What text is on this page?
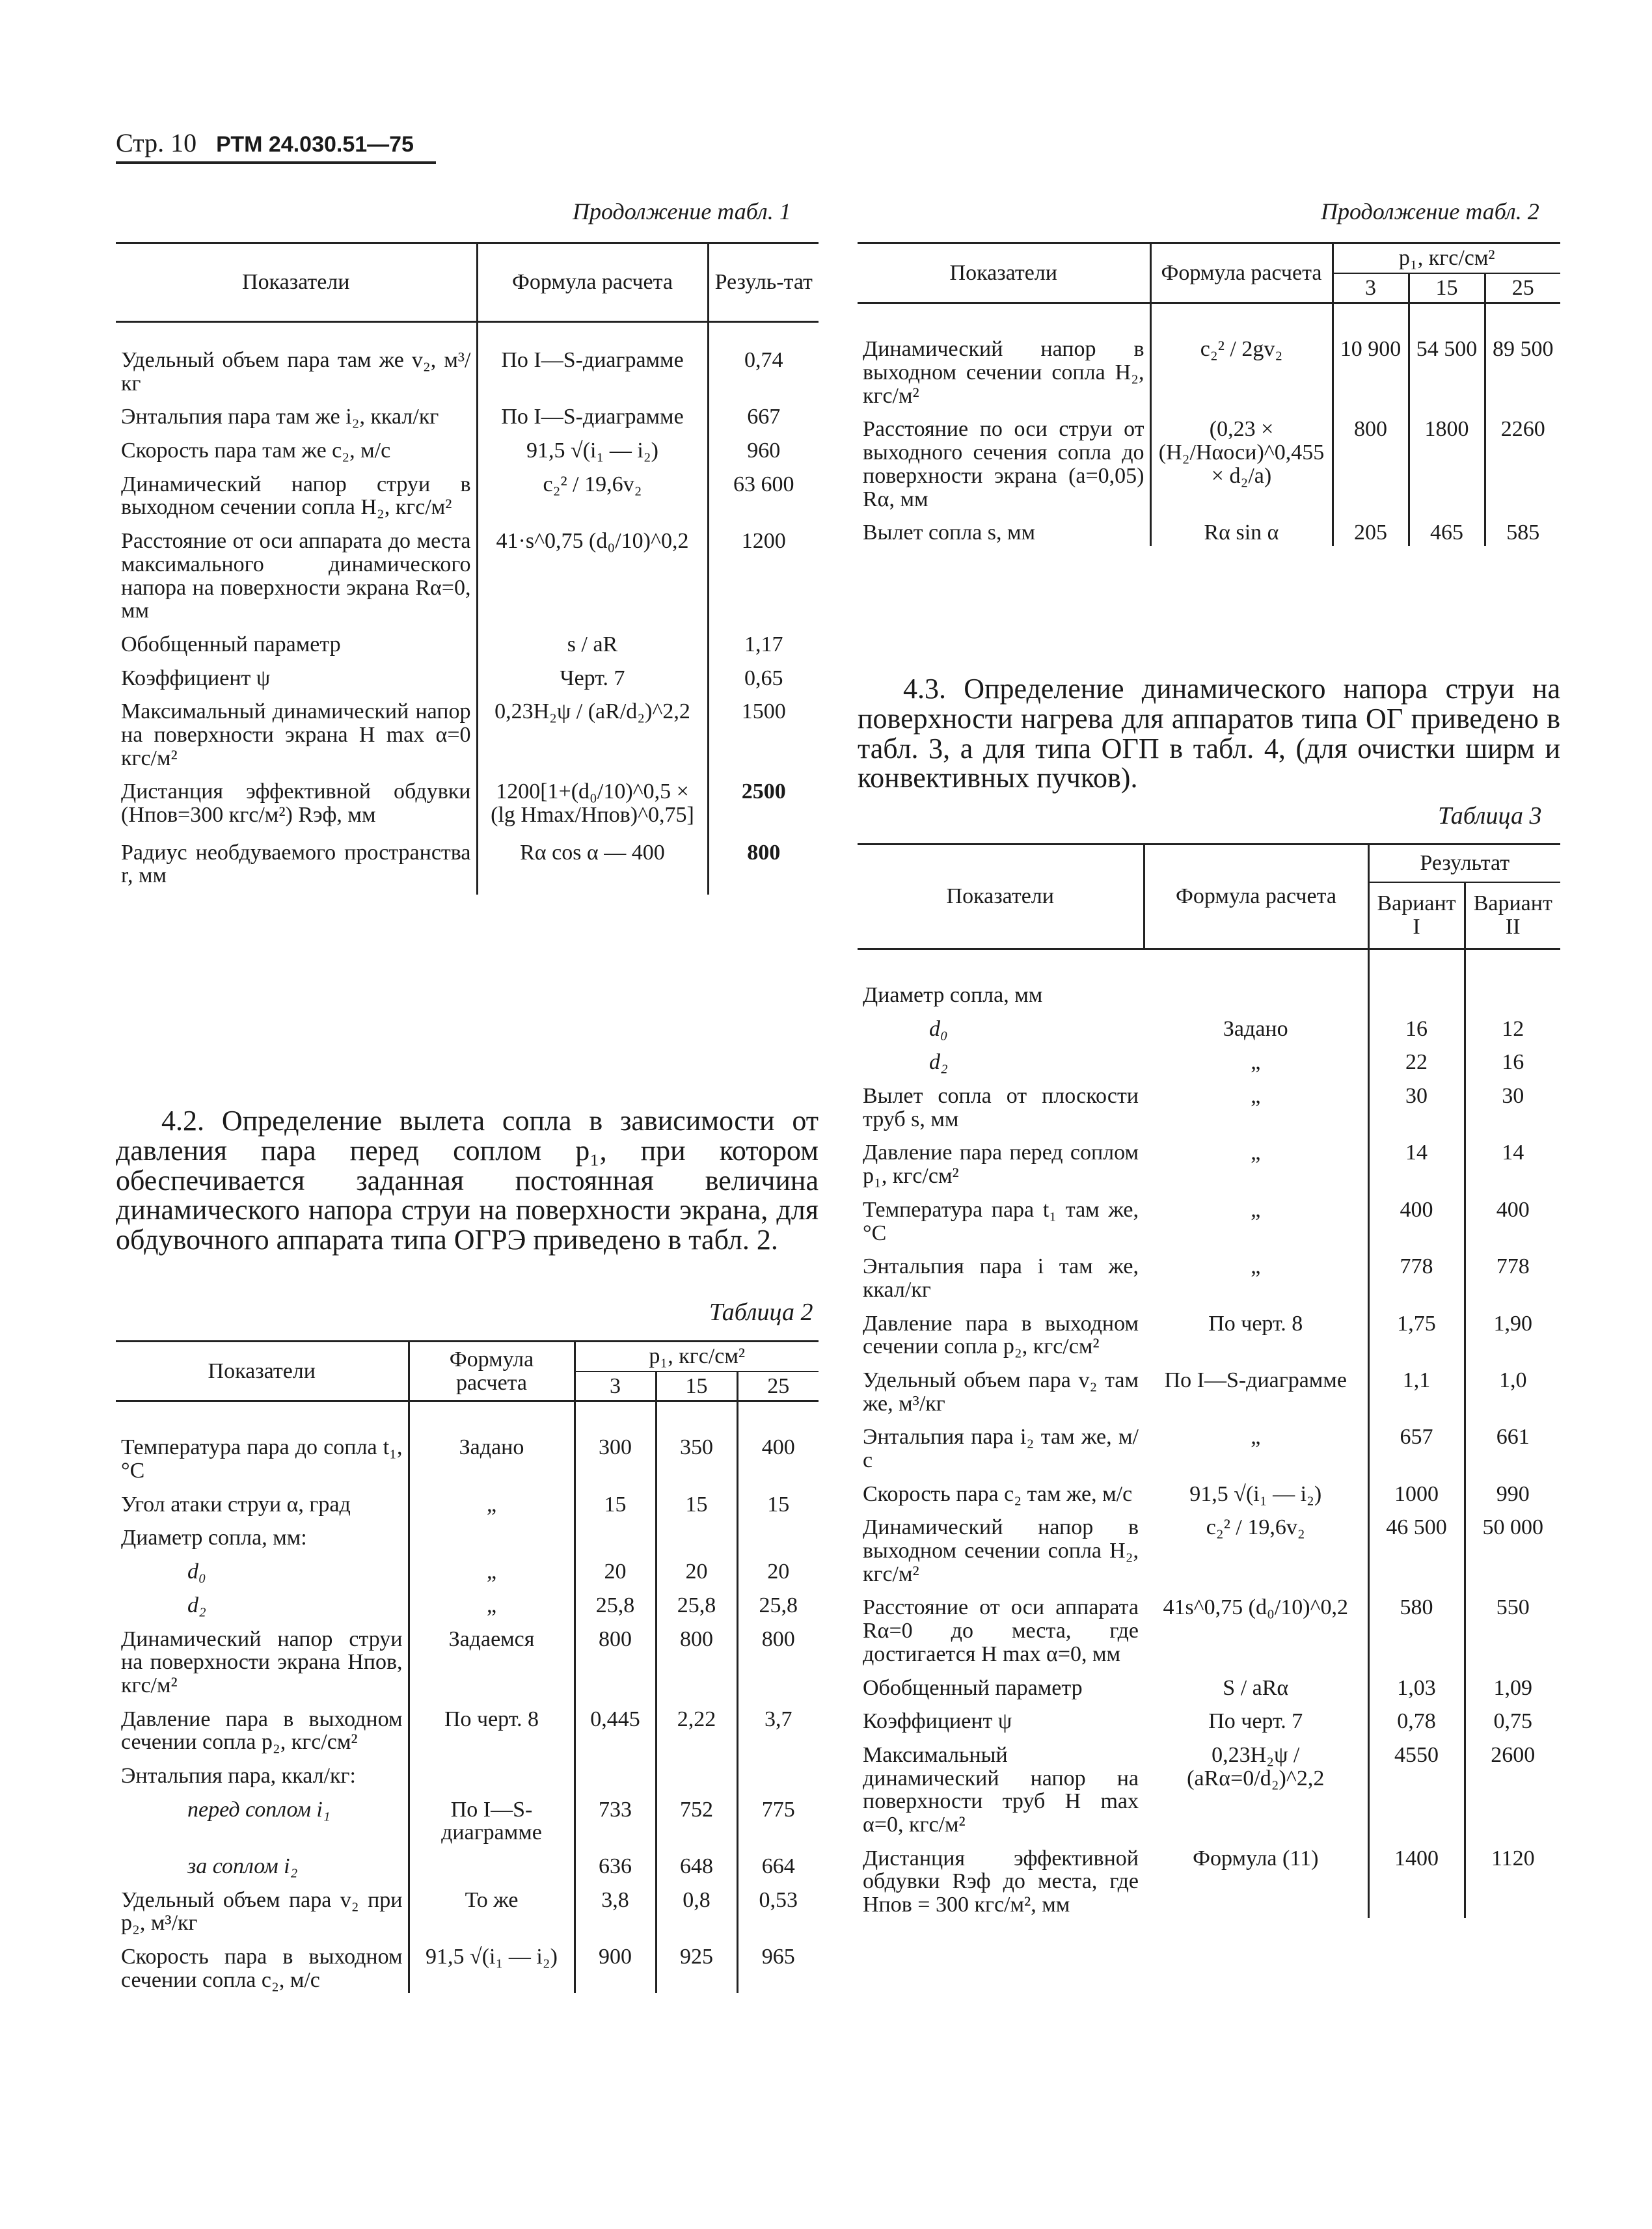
Стр. 10 РТМ 24.030.51—75
Продолжение табл. 1
Показатели	Формула расчета	Резуль-тат

Удельный объем пара там же v₂, м³/кг	По I—S-диаграмме	0,74
Энтальпия пара там же i₂, ккал/кг	По I—S-диаграмме	667
Скорость пара там же c₂, м/с	91,5 √(i₁ — i₂)	960
Динамический напор струи в выходном сечении сопла H₂, кгс/м²	c₂² / 19,6v₂	63 600
Расстояние от оси аппарата до места максимального динамического напора на поверхности экрана Rα=0, мм	41·s^0,75 (d₀/10)^0,2	1200
Обобщенный параметр	s / aR	1,17
Коэффициент ψ	Черт. 7	0,65
Максимальный динамический напор на поверхности экрана H max α=0 кгс/м²	0,23H₂ψ / (aR/d₂)^2,2	1500
Дистанция эффективной обдувки (Hпов=300 кгс/м²) Rэф, мм	1200[1+(d₀/10)^0,5 × (lg Hmax/Hпов)^0,75]	2500
Радиус необдуваемого пространства r, мм	Rα cos α — 400	800
4.2. Определение вылета сопла в зависимости от давления пара перед соплом p₁, при котором обеспечивается заданная постоянная величина динамического напора струи на поверхности экрана, для обдувочного аппарата типа ОГРЭ приведено в табл. 2.
Таблица 2
Показатели	Формула расчета	p₁, кгс/см²		
		3	15	25

Температура пара до сопла t₁, °С	Задано	300	350	400
Угол атаки струи α, град	„	15	15	15
Диаметр сопла, мм:				
d₀	„	20	20	20
d₂	„	25,8	25,8	25,8
Динамический напор струи на поверхности экрана Hпов, кгс/м²	Задаемся	800	800	800
Давление пара в выходном сечении сопла p₂, кгс/см²	По черт. 8	0,445	2,22	3,7
Энтальпия пара, ккал/кг:				
перед соплом i₁	По I—S-диаграмме	733	752	775
за соплом i₂		636	648	664
Удельный объем пара v₂ при p₂, м³/кг	То же	3,8	0,8	0,53
Скорость пара в выходном сечении сопла c₂, м/с	91,5 √(i₁ — i₂)	900	925	965
Продолжение табл. 2
Показатели	Формула расчета	p₁, кгс/см²		
		3	15	25

Динамический напор в выходном сечении сопла H₂, кгс/м²	c₂² / 2gv₂	10 900	54 500	89 500
Расстояние по оси струи от выходного сечения сопла до поверхности экрана (a=0,05) Rα, мм	(0,23 × (H₂/Hαоси)^0,455 × d₂/a)	800	1800	2260
Вылет сопла s, мм	Rα sin α	205	465	585
4.3. Определение динамического напора струи на поверхности нагрева для аппаратов типа ОГ приведено в табл. 3, а для типа ОГП в табл. 4, (для очистки ширм и конвективных пучков).
Таблица 3
Показатели	Формула расчета	Результат	
		Вариант I	Вариант II

Диаметр сопла, мм			
d₀	Задано	16	12
d₂	„	22	16
Вылет сопла от плоскости труб s, мм	„	30	30
Давление пара перед соплом p₁, кгс/см²	„	14	14
Температура пара t₁ там же, °С	„	400	400
Энтальпия пара i там же, ккал/кг	„	778	778
Давление пара в выходном сечении сопла p₂, кгс/см²	По черт. 8	1,75	1,90
Удельный объем пара v₂ там же, м³/кг	По I—S-диаграмме	1,1	1,0
Энтальпия пара i₂ там же, м/с	„	657	661
Скорость пара c₂ там же, м/с	91,5 √(i₁ — i₂)	1000	990
Динамический напор в выходном сечении сопла H₂, кгс/м²	c₂² / 19,6v₂	46 500	50 000
Расстояние от оси аппарата Rα=0 до места, где достигается H max α=0, мм	41s^0,75 (d₀/10)^0,2	580	550
Обобщенный параметр	S / aRα	1,03	1,09
Коэффициент ψ	По черт. 7	0,78	0,75
Максимальный динамический напор на поверхности труб H max α=0, кгс/м²	0,23H₂ψ / (aRα=0/d₂)^2,2	4550	2600
Дистанция эффективной обдувки Rэф до места, где Hпов = 300 кгс/м², мм	Формула (11)	1400	1120
